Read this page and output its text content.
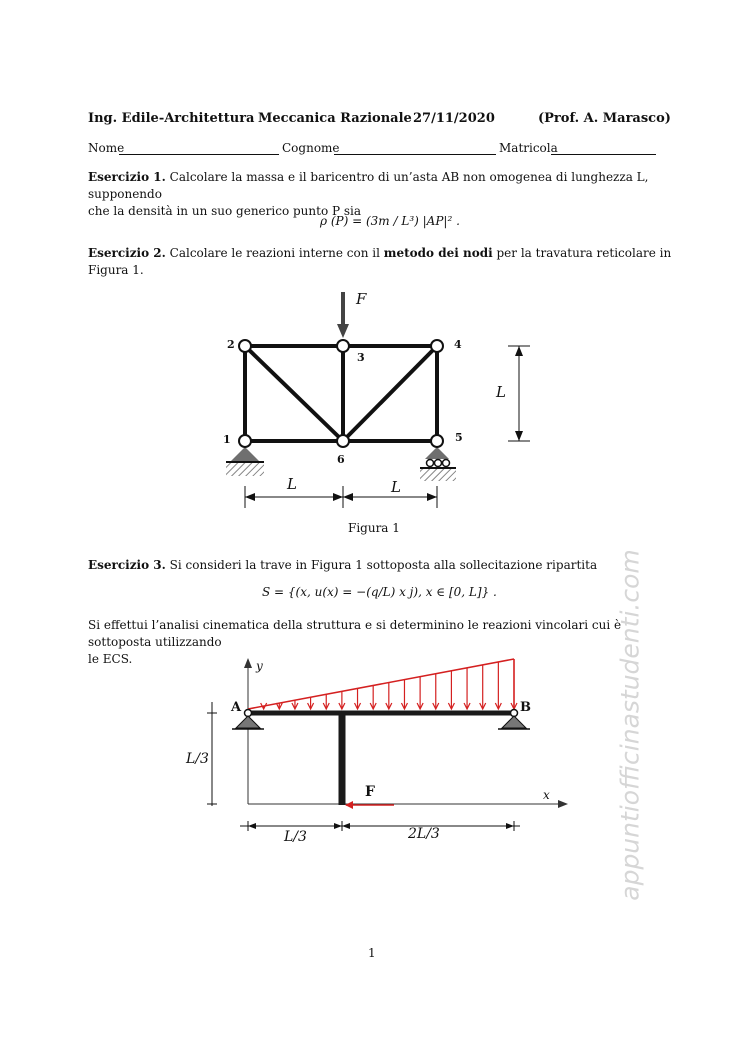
Ing. Edile-Architettura Meccanica Razionale 27/11/2020	(Prof. A. Marasco)
Nome	Cognome	Matricola
Esercizio 1. Calcolare la massa e il baricentro di un’asta AB non omogenea di lunghezza L, supponendo
che la densità in un suo generico punto P sia
ρ (P) = (3m / L³) |AP|² .
Esercizio 2. Calcolare le reazioni interne con il metodo dei nodi per la travatura reticolare in Figura 1.
F
1
2
3
4
5
6
L	L
L
Figura 1
Esercizio 3. Si consideri la trave in Figura 1 sottoposta alla sollecitazione ripartita
S = {(x, u(x) = −(q/L) x j), x ∈ [0, L]} .
Si effettui l’analisi cinematica della struttura e si determinino le reazioni vincolari cui è sottoposta utilizzando
le ECS.	y
x
A	B
F
L/3
L/3	2L/3
1
appuntiofficinastudenti.com
